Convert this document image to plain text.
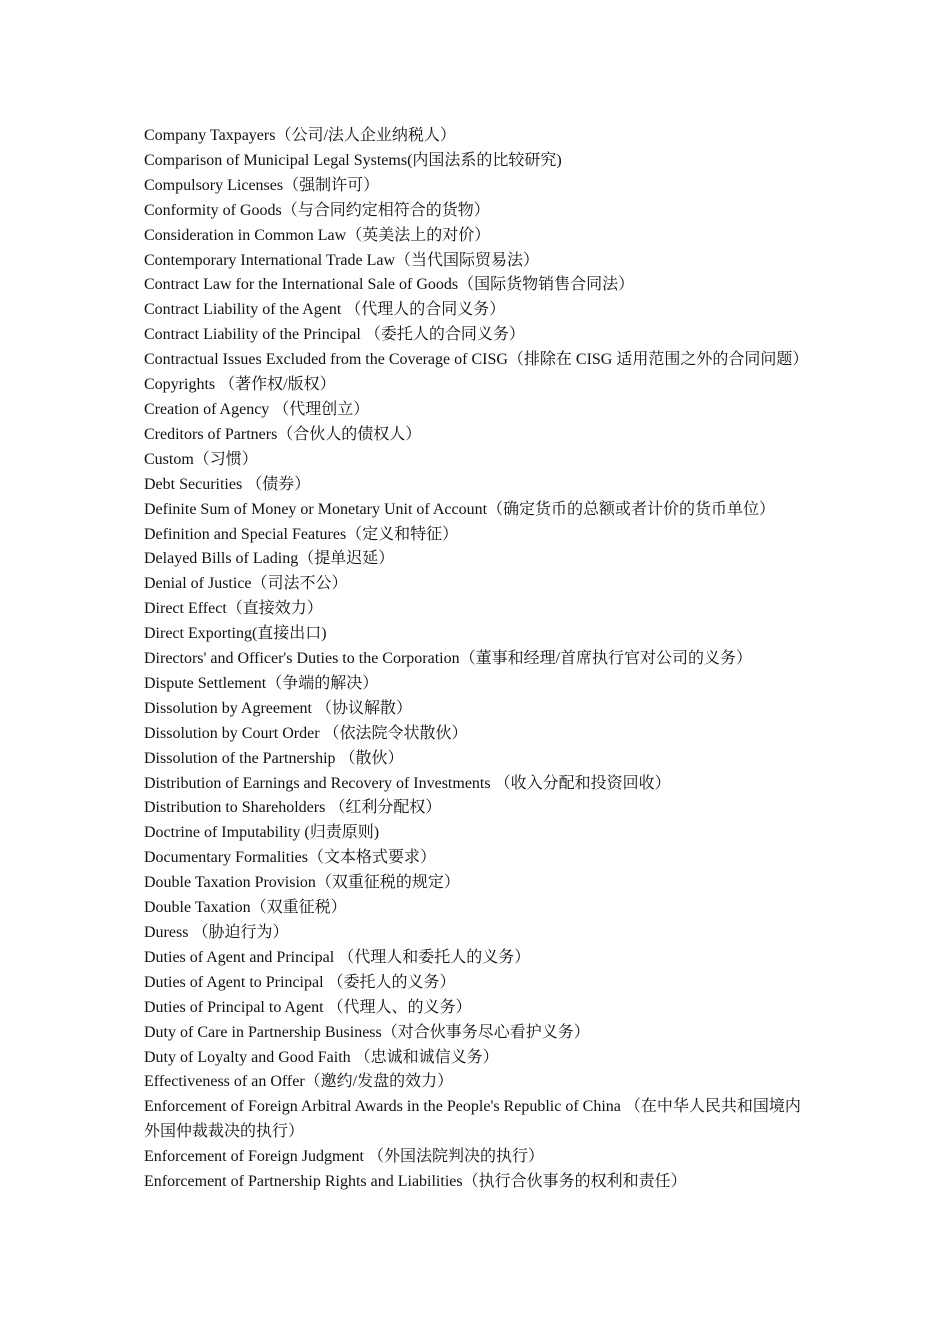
Company Taxpayers（公司/法人企业纳税人）
Comparison of Municipal Legal Systems(内国法系的比较研究)
Compulsory Licenses（强制许可）
Conformity of Goods（与合同约定相符合的货物）
Consideration in Common Law（英美法上的对价）
Contemporary International Trade Law（当代国际贸易法）
Contract Law for the International Sale of Goods（国际货物销售合同法）
Contract Liability of the Agent （代理人的合同义务）
Contract Liability of the Principal （委托人的合同义务）
Contractual Issues Excluded from the Coverage of CISG（排除在 CISG 适用范围之外的合同问题）
Copyrights （著作权/版权）
Creation of Agency （代理创立）
Creditors of Partners（合伙人的债权人）
Custom（习惯）
Debt Securities （债券）
Definite Sum of Money or Monetary Unit of Account（确定货币的总额或者计价的货币单位）
Definition and Special Features（定义和特征）
Delayed Bills of Lading（提单迟延）
Denial of Justice（司法不公）
Direct Effect（直接效力）
Direct Exporting(直接出口)
Directors' and Officer's Duties to the Corporation（董事和经理/首席执行官对公司的义务）
Dispute Settlement（争端的解决）
Dissolution by Agreement （协议解散）
Dissolution by Court Order （依法院令状散伙）
Dissolution of the Partnership （散伙）
Distribution of Earnings and Recovery of Investments （收入分配和投资回收）
Distribution to Shareholders （红利分配权）
Doctrine of Imputability (归责原则)
Documentary Formalities（文本格式要求）
Double Taxation Provision（双重征税的规定）
Double Taxation（双重征税）
Duress （胁迫行为）
Duties of Agent and Principal （代理人和委托人的义务）
Duties of Agent to Principal （委托人的义务）
Duties of Principal to Agent （代理人、的义务）
Duty of Care in Partnership Business（对合伙事务尽心看护义务）
Duty of Loyalty and Good Faith （忠诚和诚信义务）
Effectiveness of an Offer（邀约/发盘的效力）
Enforcement of Foreign Arbitral Awards in the People's Republic of China （在中华人民共和国境内外国仲裁裁决的执行）
Enforcement of Foreign Judgment （外国法院判决的执行）
Enforcement of Partnership Rights and Liabilities（执行合伙事务的权利和责任）
